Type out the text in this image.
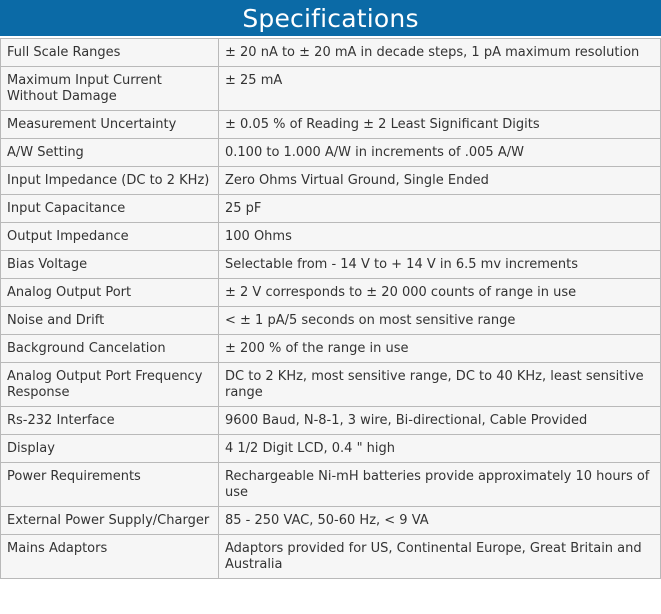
Specifications
Full Scale Ranges	± 20 nA to ± 20 mA in decade steps, 1 pA maximum resolution
Maximum Input Current Without Damage	± 25 mA
Measurement Uncertainty	± 0.05 % of Reading ± 2 Least Significant Digits
A/W Setting	0.100 to 1.000 A/W in increments of .005 A/W
Input Impedance (DC to 2 KHz)	Zero Ohms Virtual Ground, Single Ended
Input Capacitance	25 pF
Output Impedance	100 Ohms
Bias Voltage	Selectable from - 14 V to + 14 V in 6.5 mv increments
Analog Output Port	± 2 V corresponds to ± 20 000 counts of range in use
Noise and Drift	< ± 1 pA/5 seconds on most sensitive range
Background Cancelation	± 200 % of the range in use
Analog Output Port Frequency Response	DC to 2 KHz, most sensitive range, DC to 40 KHz, least sensitive range
Rs-232 Interface	9600 Baud, N-8-1, 3 wire, Bi-directional, Cable Provided
Display	4 1/2 Digit LCD, 0.4 " high
Power Requirements	Rechargeable Ni-mH batteries provide approximately 10 hours of use
External Power Supply/Charger	85 - 250 VAC, 50-60 Hz, < 9 VA
Mains Adaptors	Adaptors provided for US, Continental Europe, Great Britain and Australia
